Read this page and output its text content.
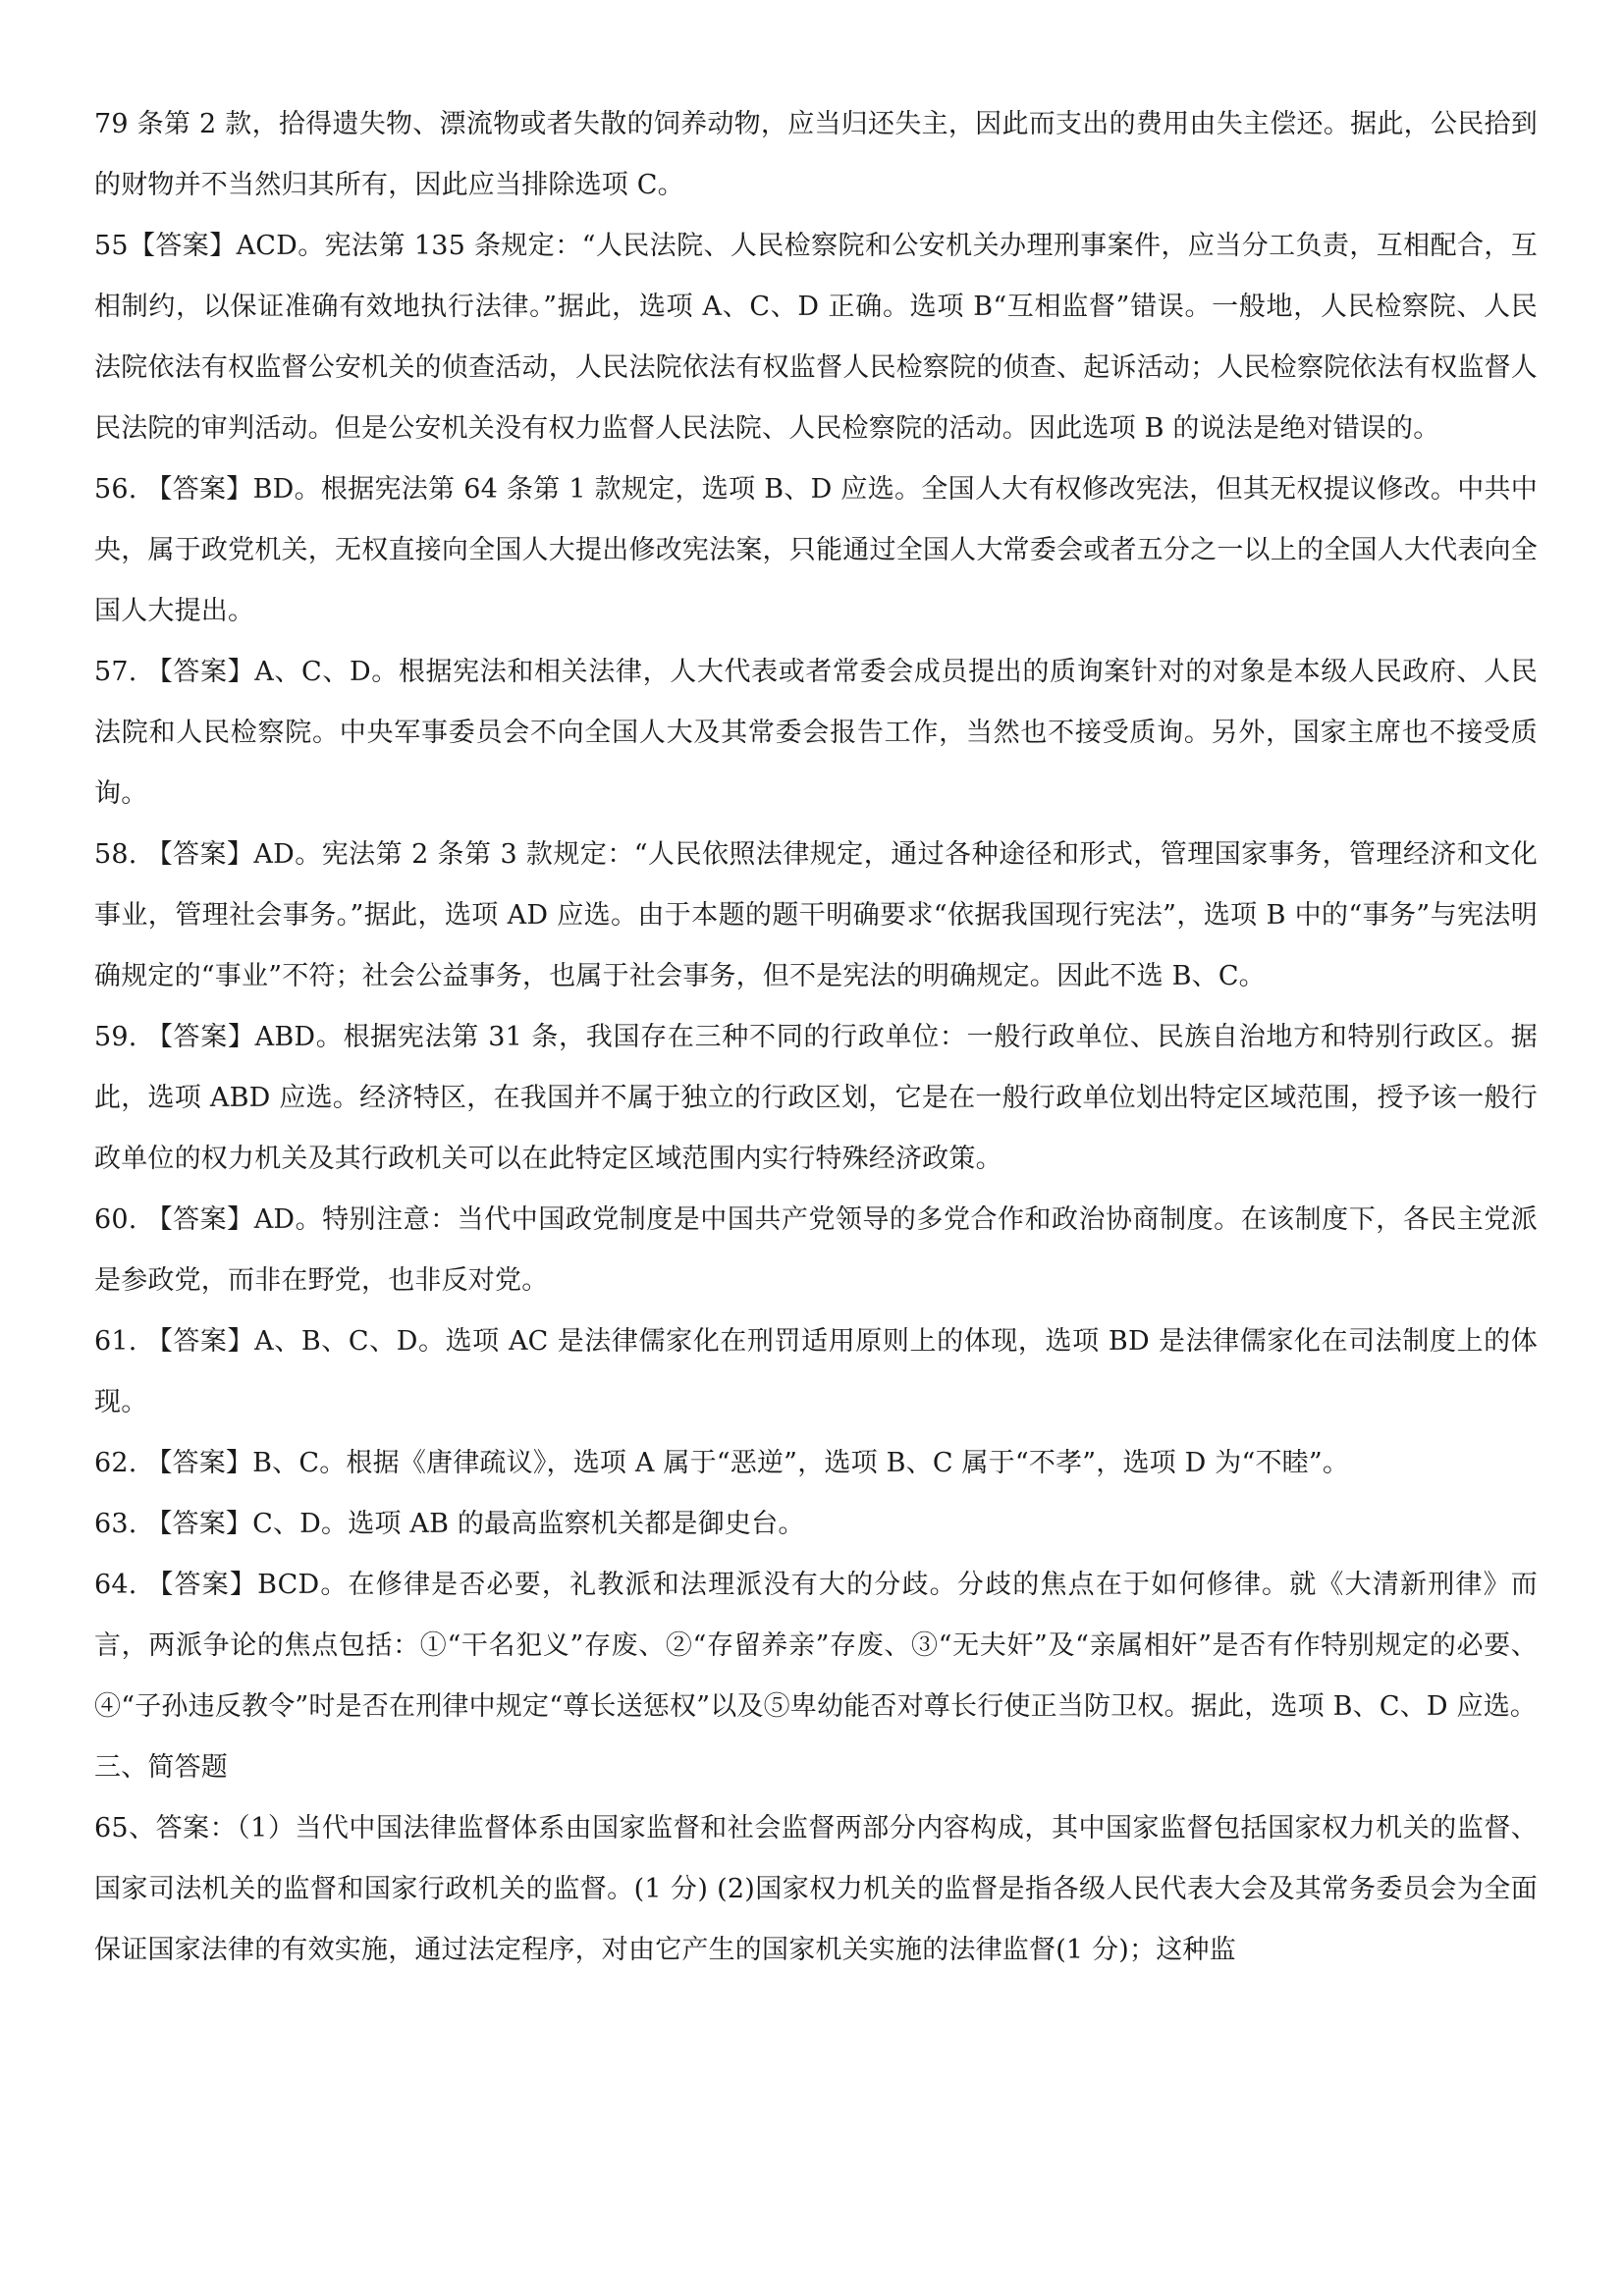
79 条第 2 款，拾得遗失物、漂流物或者失散的饲养动物，应当归还失主，因此而支出的费用由失主偿还。据此，公民拾到的财物并不当然归其所有，因此应当排除选项 C。

55【答案】ACD。宪法第 135 条规定：“人民法院、人民检察院和公安机关办理刑事案件，应当分工负责，互相配合，互相制约，以保证准确有效地执行法律。”据此，选项 A、C、D 正确。选项 B“互相监督”错误。一般地，人民检察院、人民法院依法有权监督公安机关的侦查活动，人民法院依法有权监督人民检察院的侦查、起诉活动；人民检察院依法有权监督人民法院的审判活动。但是公安机关没有权力监督人民法院、人民检察院的活动。因此选项 B 的说法是绝对错误的。

56. 【答案】BD。根据宪法第 64 条第 1 款规定，选项 B、D 应选。全国人大有权修改宪法，但其无权提议修改。中共中央，属于政党机关，无权直接向全国人大提出修改宪法案，只能通过全国人大常委会或者五分之一以上的全国人大代表向全国人大提出。

57. 【答案】A、C、D。根据宪法和相关法律，人大代表或者常委会成员提出的质询案针对的对象是本级人民政府、人民法院和人民检察院。中央军事委员会不向全国人大及其常委会报告工作，当然也不接受质询。另外，国家主席也不接受质询。

58. 【答案】AD。宪法第 2 条第 3 款规定：“人民依照法律规定，通过各种途径和形式，管理国家事务，管理经济和文化事业，管理社会事务。”据此，选项 AD 应选。由于本题的题干明确要求“依据我国现行宪法”，选项 B 中的“事务”与宪法明确规定的“事业”不符；社会公益事务，也属于社会事务，但不是宪法的明确规定。因此不选 B、C。

59. 【答案】ABD。根据宪法第 31 条，我国存在三种不同的行政单位：一般行政单位、民族自治地方和特别行政区。据此，选项 ABD 应选。经济特区，在我国并不属于独立的行政区划，它是在一般行政单位划出特定区域范围，授予该一般行政单位的权力机关及其行政机关可以在此特定区域范围内实行特殊经济政策。

60. 【答案】AD。特别注意：当代中国政党制度是中国共产党领导的多党合作和政治协商制度。在该制度下，各民主党派是参政党，而非在野党，也非反对党。

61. 【答案】A、B、C、D。选项 AC 是法律儒家化在刑罚适用原则上的体现，选项 BD 是法律儒家化在司法制度上的体现。

62. 【答案】B、C。根据《唐律疏议》，选项 A 属于“恶逆”，选项 B、C 属于“不孝”，选项 D 为“不睦”。

63. 【答案】C、D。选项 AB 的最高监察机关都是御史台。

64. 【答案】BCD。在修律是否必要，礼教派和法理派没有大的分歧。分歧的焦点在于如何修律。就《大清新刑律》而言，两派争论的焦点包括：①“干名犯义”存废、②“存留养亲”存废、③“无夫奸”及“亲属相奸”是否有作特别规定的必要、④“子孙违反教令”时是否在刑律中规定“尊长送惩权”以及⑤卑幼能否对尊长行使正当防卫权。据此，选项 B、C、D 应选。

三、简答题

65、答案：（1）当代中国法律监督体系由国家监督和社会监督两部分内容构成，其中国家监督包括国家权力机关的监督、国家司法机关的监督和国家行政机关的监督。(1 分) (2)国家权力机关的监督是指各级人民代表大会及其常务委员会为全面保证国家法律的有效实施，通过法定程序，对由它产生的国家机关实施的法律监督(1 分)；这种监
